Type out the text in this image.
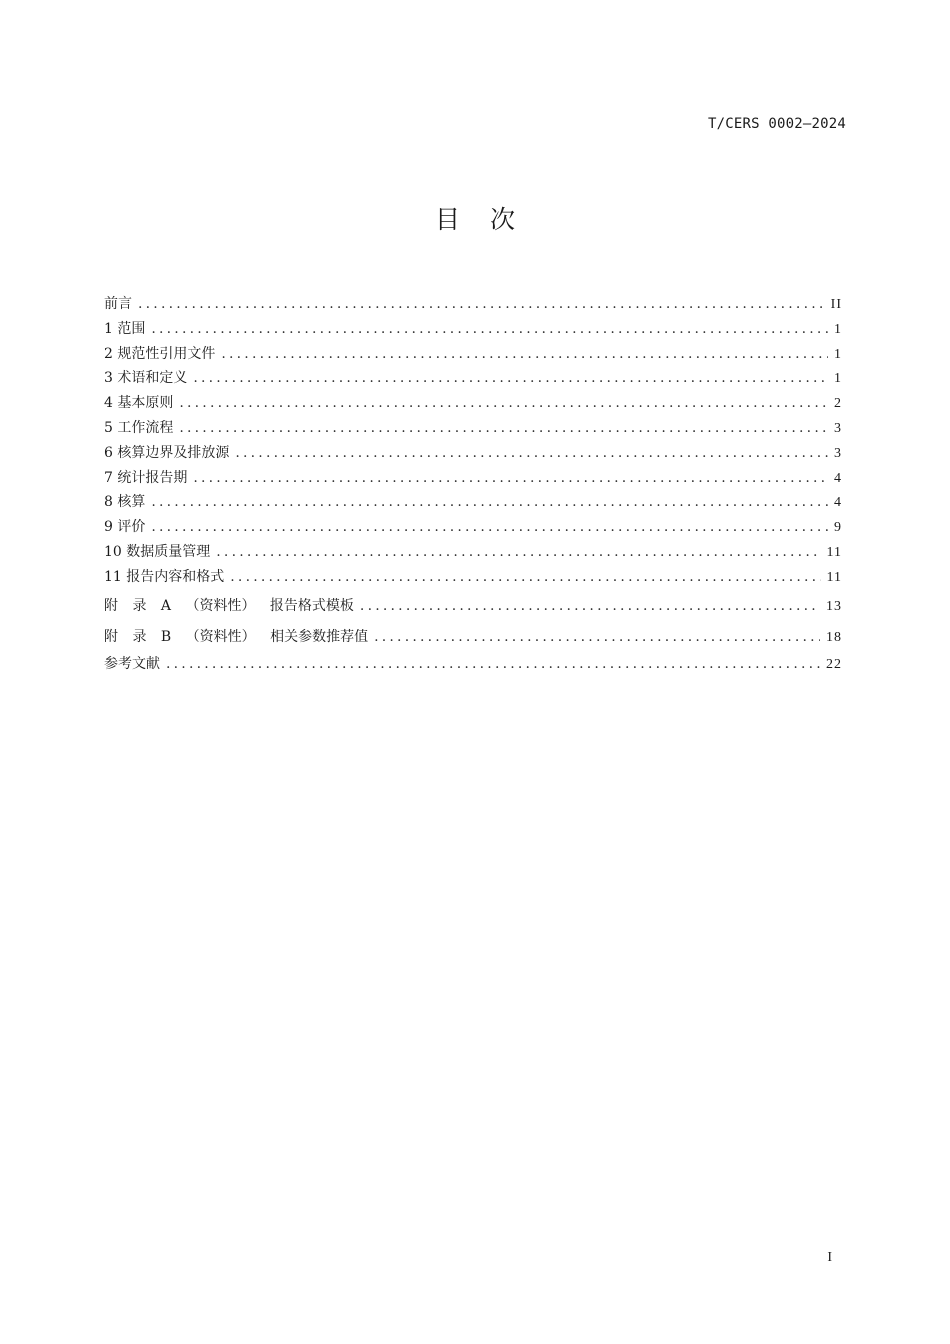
T/CERS 0002—2024
目次
前言 .....	II
1 范围 .....	1
2 规范性引用文件 .....	1
3 术语和定义 .....	1
4 基本原则 .....	2
5 工作流程 .....	3
6 核算边界及排放源 .....	3
7 统计报告期 .....	4
8 核算 .....	4
9 评价 .....	9
10 数据质量管理 .....	11
11 报告内容和格式 .....	11
附 录 A （资料性） 报告格式模板 .....	13
附 录 B （资料性） 相关参数推荐值 .....	18
参考文献 .....	22
I
